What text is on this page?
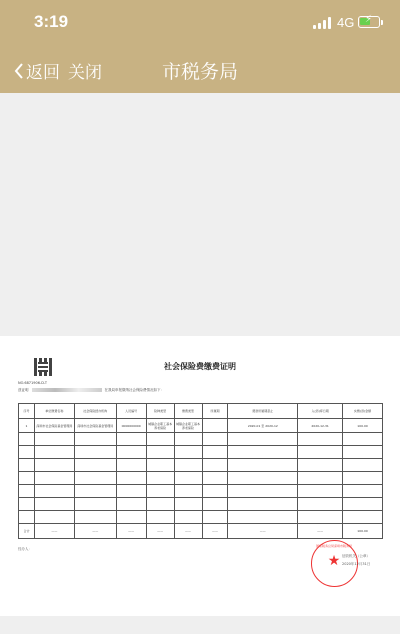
3:19	4G ⚡
返回 关闭	市税务局
社会保险费缴费证明
NO.6871906-D-T
兹证明	在我局申报缴纳社会保险费情况如下：
序号	单位缴费名称	社会保险经办机构	人员编号	险种类型	缴费类型	所属期	费款所属期起止	入(退)库日期	实缴(退)金额
1	深圳市社会保险基金管理局	深圳市社会保险基金管理局	0000000000	城镇企业职工基本养老保险	城镇企业职工基本养老保险		2020-01 至 2020-12	2020-12-31	100.00

合计	——	——	——	——	——	——	——	——	100.00
经办人：
国家税务总局深圳市税务局
★ 征收机关（公章）
2020年12月31日
